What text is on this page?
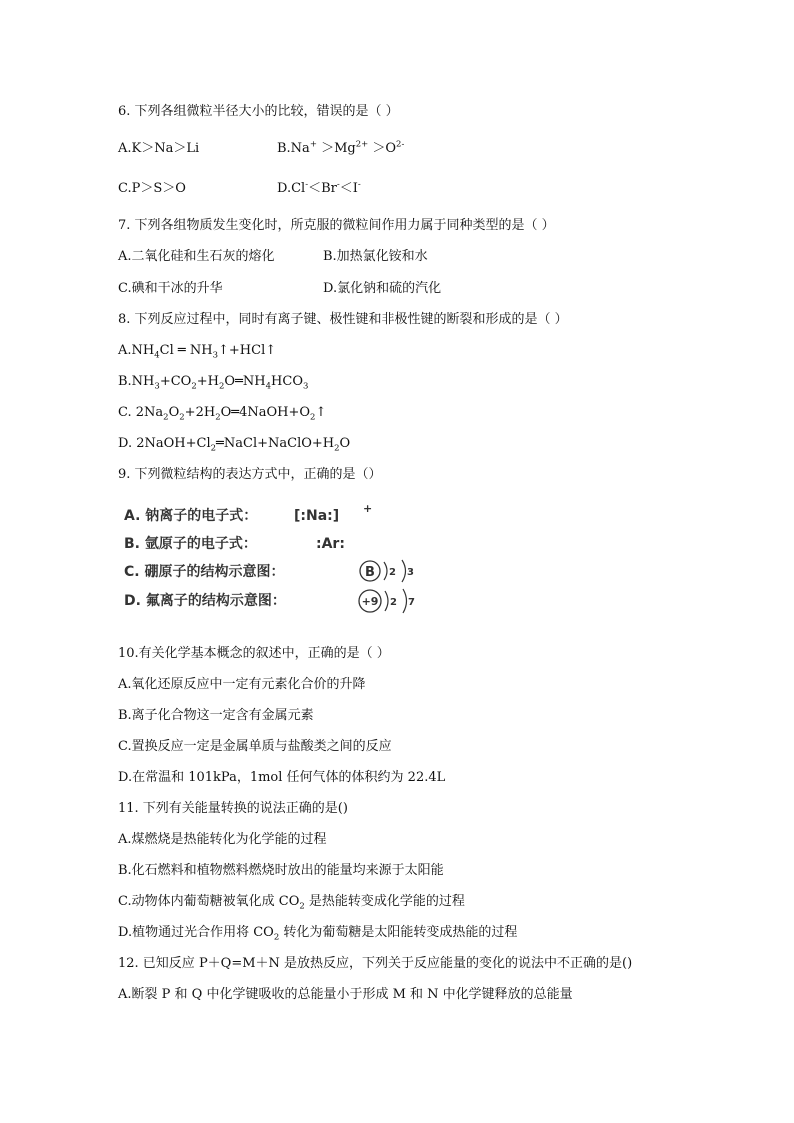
6. 下列各组微粒半径大小的比较，错误的是（ ）
A.K＞Na＞Li	$B.Na^+ >Mg^{2+} >O^{2-}$
C.P＞S＞O	D.Cl-＜Br-＜I-
7. 下列各组物质发生变化时，所克服的微粒间作用力属于同种类型的是（ ）
A.二氧化硅和生石灰的熔化	B.加热氯化铵和水
C.碘和干冰的升华	D.氯化钠和硫的汽化
8. 下列反应过程中，同时有离子键、极性键和非极性键的断裂和形成的是（ ）
$A.NH_4Cl$ ═ $NH_3↑+HCl↑$
$B.NH_3+CO_2+H_2O═NH_4HCO_3$
C. $2Na_2O_2+2H_2O═4NaOH+O_2↑$
D. $2NaOH+Cl_2═NaCl+NaClO+H_2O$
9. 下列微粒结构的表达方式中，正确的是（）
A. 钠离子的电子式：	[:Na:] +
B. 氩原子的电子式：	:Ar:
C. 硼原子的结构示意图：	B 2 3
D. 氟离子的结构示意图：	+9 2 7
10.有关化学基本概念的叙述中，正确的是（ ）
A.氧化还原反应中一定有元素化合价的升降
B.离子化合物这一定含有金属元素
C.置换反应一定是金属单质与盐酸类之间的反应
D.在常温和 101kPa，1mol 任何气体的体积约为 22.4L
11. 下列有关能量转换的说法正确的是()
A.煤燃烧是热能转化为化学能的过程
B.化石燃料和植物燃料燃烧时放出的能量均来源于太阳能
C.动物体内葡萄糖被氧化成 $CO_2$ 是热能转变成化学能的过程
D.植物通过光合作用将 $CO_2$ 转化为葡萄糖是太阳能转变成热能的过程
12. 已知反应 P＋Q=M＋N 是放热反应，下列关于反应能量的变化的说法中不正确的是()
A.断裂 P 和 Q 中化学键吸收的总能量小于形成 M 和 N 中化学键释放的总能量
